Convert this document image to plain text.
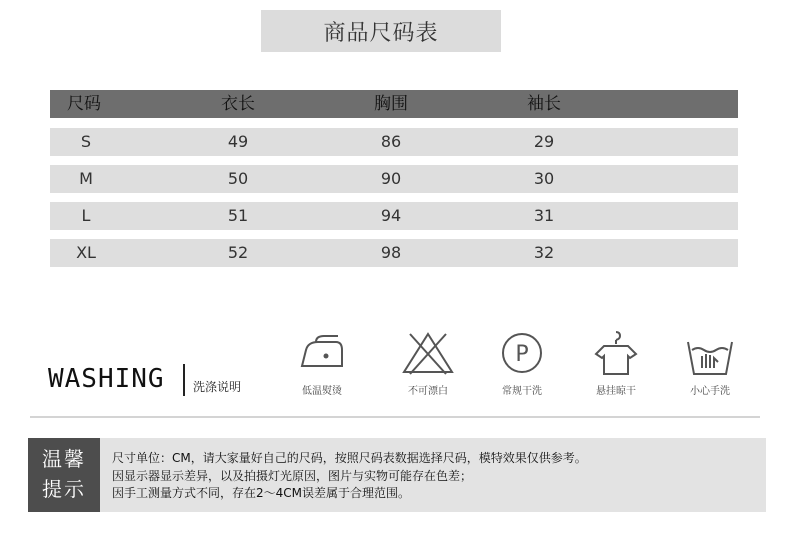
商品尺码表
尺码	衣长	胸围	袖长
S	49	86	29
M	50	90	30
L	51	94	31
XL	52	98	32
WASHING 洗涤说明	低温熨烫	不可漂白
P
常规干洗	悬挂晾干	小心手洗
温馨
提示
尺寸单位：CM，请大家量好自己的尺码，按照尺码表数据选择尺码，模特效果仅供参考。
因显示器显示差异，以及拍摄灯光原因，图片与实物可能存在色差；
因手工测量方式不同，存在2～4CM误差属于合理范围。
